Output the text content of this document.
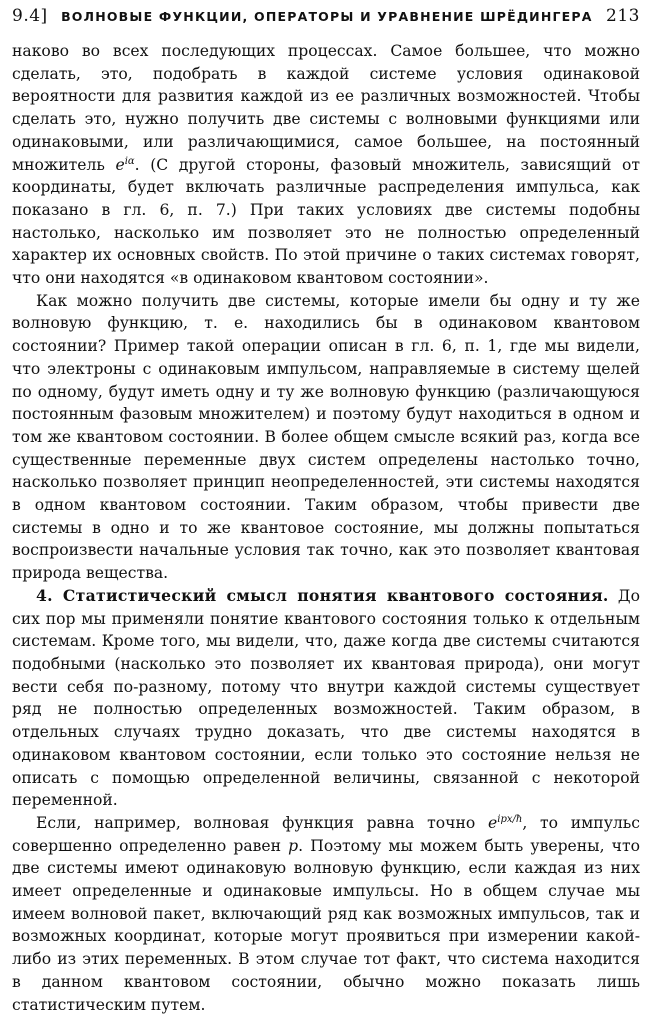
9.4] ВОЛНОВЫЕ ФУНКЦИИ, ОПЕРАТОРЫ И УРАВНЕНИЕ ШРЁДИНГЕРА 213

наково во всех последующих процессах. Самое большее, что можно сделать, это, подобрать в каждой системе условия одинаковой вероятности для развития каждой из ее различных возможностей. Чтобы сделать это, нужно получить две системы с волновыми функциями или одинаковыми, или различающимися, самое большее, на постоянный множитель $e^{i\alpha}$. (С другой стороны, фазовый множитель, зависящий от координаты, будет включать различные распределения импульса, как показано в гл. 6, п. 7.) При таких условиях две системы подобны настолько, насколько им позволяет это не полностью определенный характер их основных свойств. По этой причине о таких системах говорят, что они находятся «в одинаковом квантовом состоянии».

Как можно получить две системы, которые имели бы одну и ту же волновую функцию, т. е. находились бы в одинаковом квантовом состоянии? Пример такой операции описан в гл. 6, п. 1, где мы видели, что электроны с одинаковым импульсом, направляемые в систему щелей по одному, будут иметь одну и ту же волновую функцию (различающуюся постоянным фазовым множителем) и поэтому будут находиться в одном и том же квантовом состоянии. В более общем смысле всякий раз, когда все существенные переменные двух систем определены настолько точно, насколько позволяет принцип неопределенностей, эти системы находятся в одном квантовом состоянии. Таким образом, чтобы привести две системы в одно и то же квантовое состояние, мы должны попытаться воспроизвести начальные условия так точно, как это позволяет квантовая природа вещества.

4. Статистический смысл понятия квантового состояния. До сих пор мы применяли понятие квантового состояния только к отдельным системам. Кроме того, мы видели, что, даже когда две системы считаются подобными (насколько это позволяет их квантовая природа), они могут вести себя по-разному, потому что внутри каждой системы существует ряд не полностью определенных возможностей. Таким образом, в отдельных случаях трудно доказать, что две системы находятся в одинаковом квантовом состоянии, если только это состояние нельзя не описать с помощью определенной величины, связанной с некоторой переменной.

Если, например, волновая функция равна точно $e^{ipx/ħ}$, то импульс совершенно определенно равен p. Поэтому мы можем быть уверены, что две системы имеют одинаковую волновую функцию, если каждая из них имеет определенные и одинаковые импульсы. Но в общем случае мы имеем волновой пакет, включающий ряд как возможных импульсов, так и возможных координат, которые могут проявиться при измерении какой-либо из этих переменных. В этом случае тот факт, что система находится в данном квантовом состоянии, обычно можно показать лишь статистическим путем.
